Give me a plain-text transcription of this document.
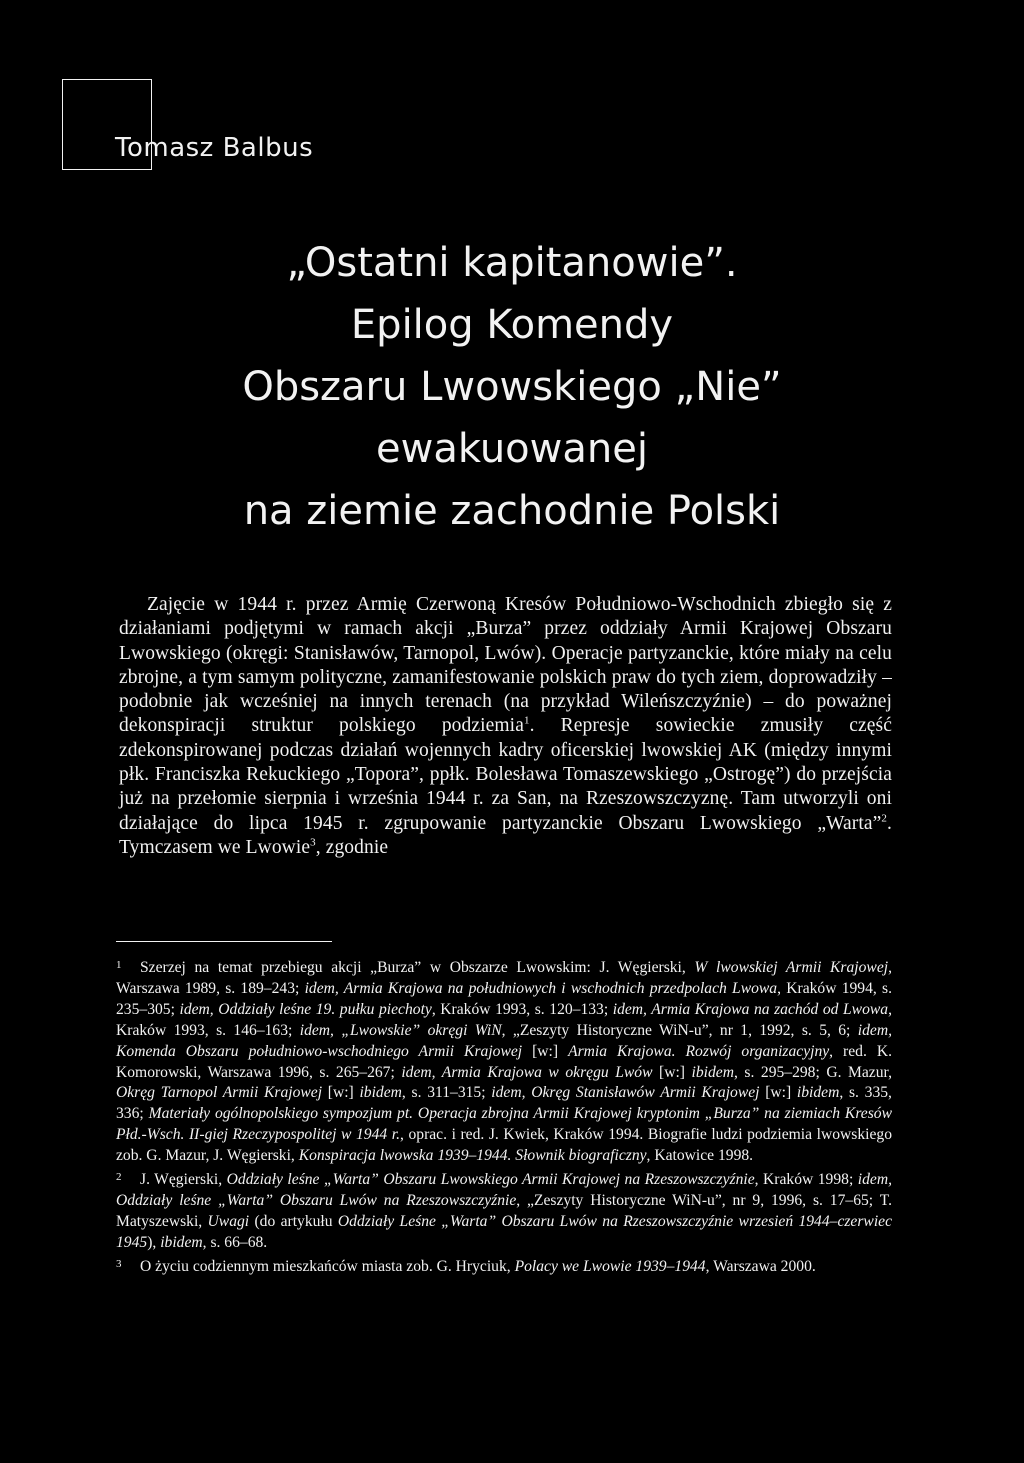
Tomasz Balbus
„Ostatni kapitanowie”.
Epilog Komendy
Obszaru Lwowskiego „Nie”
ewakuowanej
na ziemie zachodnie Polski

Zajęcie w 1944 r. przez Armię Czerwoną Kresów Południowo-Wschodnich zbiegło się z działaniami podjętymi w ramach akcji „Burza” przez oddziały Armii Krajowej Obszaru Lwowskiego (okręgi: Stanisławów, Tarnopol, Lwów). Operacje partyzanckie, które miały na celu zbrojne, a tym samym polityczne, zamanifestowanie polskich praw do tych ziem, doprowadziły – podobnie jak wcześniej na innych terenach (na przykład Wileńszczyźnie) – do poważnej dekonspiracji struktur polskiego podziemia$^1$. Represje sowieckie zmusiły część zdekonspirowanej podczas działań wojennych kadry oficerskiej lwowskiej AK (między innymi płk. Franciszka Rekuckiego „Topora”, ppłk. Bolesława Tomaszewskiego „Ostrogę”) do przejścia już na przełomie sierpnia i września 1944 r. za San, na Rzeszowszczyznę. Tam utworzyli oni działające do lipca 1945 r. zgrupowanie partyzanckie Obszaru Lwowskiego „Warta”$^2$. Tymczasem we Lwowie$^3$, zgodnie

1 Szerzej na temat przebiegu akcji „Burza” w Obszarze Lwowskim: J. Węgierski, W lwowskiej Armii Krajowej, Warszawa 1989, s. 189–243; idem, Armia Krajowa na południowych i wschodnich przedpolach Lwowa, Kraków 1994, s. 235–305; idem, Oddziały leśne 19. pułku piechoty, Kraków 1993, s. 120–133; idem, Armia Krajowa na zachód od Lwowa, Kraków 1993, s. 146–163; idem, „Lwowskie” okręgi WiN, „Zeszyty Historyczne WiN-u”, nr 1, 1992, s. 5, 6; idem, Komenda Obszaru południowo-wschodniego Armii Krajowej [w:] Armia Krajowa. Rozwój organizacyjny, red. K. Komorowski, Warszawa 1996, s. 265–267; idem, Armia Krajowa w okręgu Lwów [w:] ibidem, s. 295–298; G. Mazur, Okręg Tarnopol Armii Krajowej [w:] ibidem, s. 311–315; idem, Okręg Stanisławów Armii Krajowej [w:] ibidem, s. 335, 336; Materiały ogólnopolskiego sympozjum pt. Operacja zbrojna Armii Krajowej kryptonim „Burza” na ziemiach Kresów Płd.-Wsch. II-giej Rzeczypospolitej w 1944 r., oprac. i red. J. Kwiek, Kraków 1994. Biografie ludzi podziemia lwowskiego zob. G. Mazur, J. Węgierski, Konspiracja lwowska 1939–1944. Słownik biograficzny, Katowice 1998.

2 J. Węgierski, Oddziały leśne „Warta” Obszaru Lwowskiego Armii Krajowej na Rzeszowszczyźnie, Kraków 1998; idem, Oddziały leśne „Warta” Obszaru Lwów na Rzeszowszczyźnie, „Zeszyty Historyczne WiN-u”, nr 9, 1996, s. 17–65; T. Matyszewski, Uwagi (do artykułu Oddziały Leśne „Warta” Obszaru Lwów na Rzeszowszczyźnie wrzesień 1944–czerwiec 1945), ibidem, s. 66–68.

3 O życiu codziennym mieszkańców miasta zob. G. Hryciuk, Polacy we Lwowie 1939–1944, Warszawa 2000.
